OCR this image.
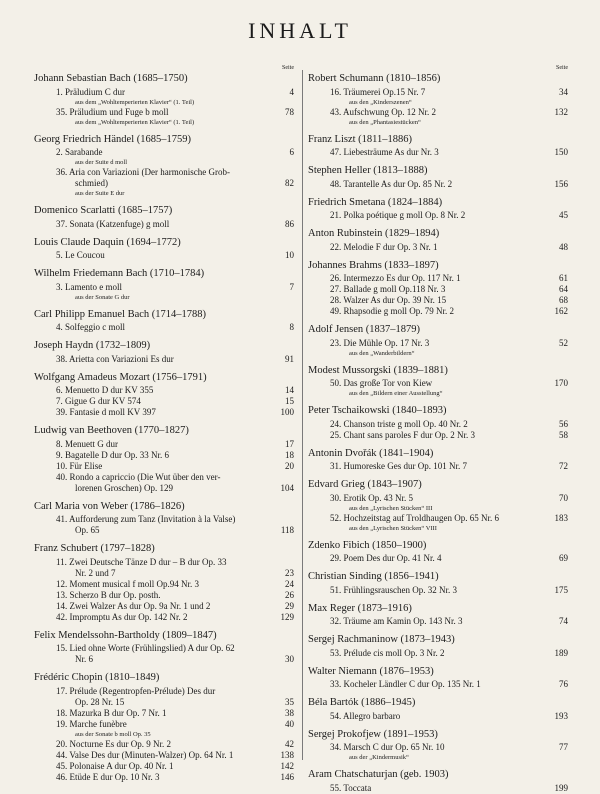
INHALT
Seite
Johann Sebastian Bach (1685–1750)
1. Präludium C dur	4
aus dem „Wohltemperierten Klavier“ (1. Teil)
35. Präludium und Fuge b moll	78
aus dem „Wohltemperierten Klavier“ (1. Teil)
Georg Friedrich Händel (1685–1759)
2. Sarabande	6
aus der Suite d moll
36. Aria con Variazioni (Der harmonische Grob-
schmied)	82
aus der Suite E dur
Domenico Scarlatti (1685–1757)
37. Sonata (Katzenfuge) g moll	86
Louis Claude Daquin (1694–1772)
5. Le Coucou	10
Wilhelm Friedemann Bach (1710–1784)
3. Lamento e moll	7
aus der Sonate G dur
Carl Philipp Emanuel Bach (1714–1788)
4. Solfeggio c moll	8
Joseph Haydn (1732–1809)
38. Arietta con Variazioni Es dur	91
Wolfgang Amadeus Mozart (1756–1791)
6. Menuetto D dur KV 355	14
7. Gigue G dur KV 574	15
39. Fantasie d moll KV 397	100
Ludwig van Beethoven (1770–1827)
8. Menuett G dur	17
9. Bagatelle D dur Op. 33 Nr. 6	18
10. Für Elise	20
40. Rondo a capriccio (Die Wut über den ver-
lorenen Groschen) Op. 129	104
Carl Maria von Weber (1786–1826)
41. Aufforderung zum Tanz (Invitation à la Valse)
Op. 65	118
Franz Schubert (1797–1828)
11. Zwei Deutsche Tänze D dur – B dur Op. 33
Nr. 2 und 7	23
12. Moment musical f moll Op.94 Nr. 3	24
13. Scherzo B dur Op. posth.	26
14. Zwei Walzer As dur Op. 9a Nr. 1 und 2	29
42. Impromptu As dur Op. 142 Nr. 2	129
Felix Mendelssohn-Bartholdy (1809–1847)
15. Lied ohne Worte (Frühlingslied) A dur Op. 62
Nr. 6	30
Frédéric Chopin (1810–1849)
17. Prélude (Regentropfen-Prélude) Des dur
Op. 28 Nr. 15	35
18. Mazurka B dur Op. 7 Nr. 1	38
19. Marche funèbre	40
aus der Sonate b moll Op. 35
20. Nocturne Es dur Op. 9 Nr. 2	42
44. Valse Des dur (Minuten-Walzer) Op. 64 Nr. 1	138
45. Polonaise A dur Op. 40 Nr. 1	142
46. Etüde E dur Op. 10 Nr. 3	146
Seite
Robert Schumann (1810–1856)
16. Träumerei Op.15 Nr. 7	34
aus den „Kinderszenen“
43. Aufschwung Op. 12 Nr. 2	132
aus den „Phantasiestücken“
Franz Liszt (1811–1886)
47. Liebesträume As dur Nr. 3	150
Stephen Heller (1813–1888)
48. Tarantelle As dur Op. 85 Nr. 2	156
Friedrich Smetana (1824–1884)
21. Polka poétique g moll Op. 8 Nr. 2	45
Anton Rubinstein (1829–1894)
22. Melodie F dur Op. 3 Nr. 1	48
Johannes Brahms (1833–1897)
26. Intermezzo Es dur Op. 117 Nr. 1	61
27. Ballade g moll Op.118 Nr. 3	64
28. Walzer As dur Op. 39 Nr. 15	68
49. Rhapsodie g moll Op. 79 Nr. 2	162
Adolf Jensen (1837–1879)
23. Die Mühle Op. 17 Nr. 3	52
aus den „Wanderbildern“
Modest Mussorgski (1839–1881)
50. Das große Tor von Kiew	170
aus den „Bildern einer Ausstellung“
Peter Tschaikowski (1840–1893)
24. Chanson triste g moll Op. 40 Nr. 2	56
25. Chant sans paroles F dur Op. 2 Nr. 3	58
Antonin Dvořák (1841–1904)
31. Humoreske Ges dur Op. 101 Nr. 7	72
Edvard Grieg (1843–1907)
30. Erotik Op. 43 Nr. 5	70
aus den „Lyrischen Stücken“ III
52. Hochzeitstag auf Troldhaugen Op. 65 Nr. 6	183
aus den „Lyrischen Stücken“ VIII
Zdenko Fibich (1850–1900)
29. Poem Des dur Op. 41 Nr. 4	69
Christian Sinding (1856–1941)
51. Frühlingsrauschen Op. 32 Nr. 3	175
Max Reger (1873–1916)
32. Träume am Kamin Op. 143 Nr. 3	74
Sergej Rachmaninow (1873–1943)
53. Prélude cis moll Op. 3 Nr. 2	189
Walter Niemann (1876–1953)
33. Kocheler Ländler C dur Op. 135 Nr. 1	76
Béla Bartók (1886–1945)
54. Allegro barbaro	193
Sergej Prokofjew (1891–1953)
34. Marsch C dur Op. 65 Nr. 10	77
aus der „Kindermusik“
Aram Chatschaturjan (geb. 1903)
55. Toccata	199
